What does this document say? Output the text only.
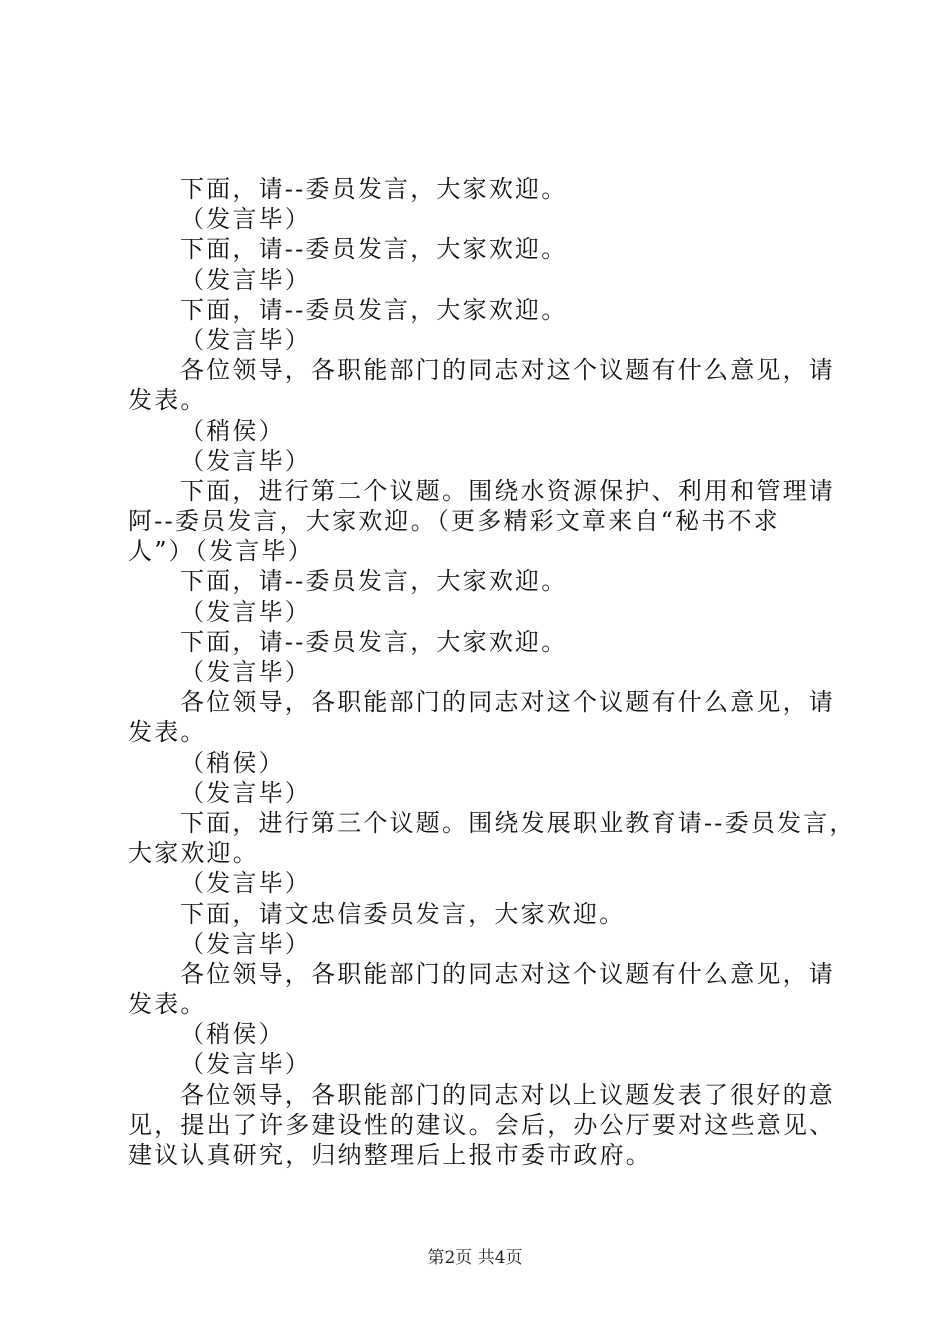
下面，请--委员发言，大家欢迎。
（发言毕）
下面，请--委员发言，大家欢迎。
（发言毕）
下面，请--委员发言，大家欢迎。
（发言毕）
各位领导，各职能部门的同志对这个议题有什么意见，请
发表。
（稍侯）
（发言毕）
下面，进行第二个议题。围绕水资源保护、利用和管理请
阿--委员发言，大家欢迎。（更多精彩文章来自“秘书不求
人”）（发言毕）
下面，请--委员发言，大家欢迎。
（发言毕）
下面，请--委员发言，大家欢迎。
（发言毕）
各位领导，各职能部门的同志对这个议题有什么意见，请
发表。
（稍侯）
（发言毕）
下面，进行第三个议题。围绕发展职业教育请--委员发言，
大家欢迎。
（发言毕）
下面，请文忠信委员发言，大家欢迎。
（发言毕）
各位领导，各职能部门的同志对这个议题有什么意见，请
发表。
（稍侯）
（发言毕）
各位领导，各职能部门的同志对以上议题发表了很好的意
见，提出了许多建设性的建议。会后，办公厅要对这些意见、
建议认真研究，归纳整理后上报市委市政府。
第2页 共4页
